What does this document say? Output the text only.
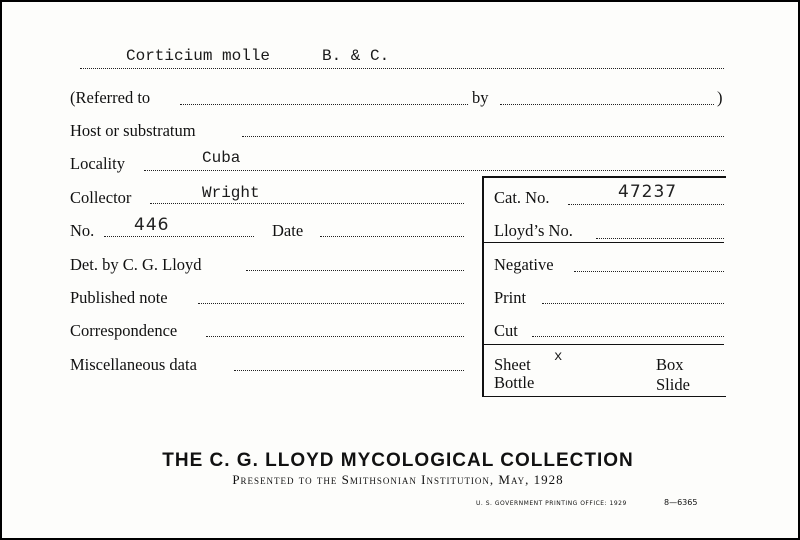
Corticium molle	B. & C.
(Referred to	by	)
Host or substratum
Locality	Cuba
Collector	Wright
No. 446	Date
Det. by C. G. Lloyd
Published note
Correspondence
Miscellaneous data
Cat. No.	47237
Lloyd’s No.
Negative
Print
Cut
Sheet x	Box
Bottle	Slide
THE C. G. LLOYD MYCOLOGICAL COLLECTION
Presented to the Smithsonian Institution, May, 1928
U. S. GOVERNMENT PRINTING OFFICE: 1929	8—6365
